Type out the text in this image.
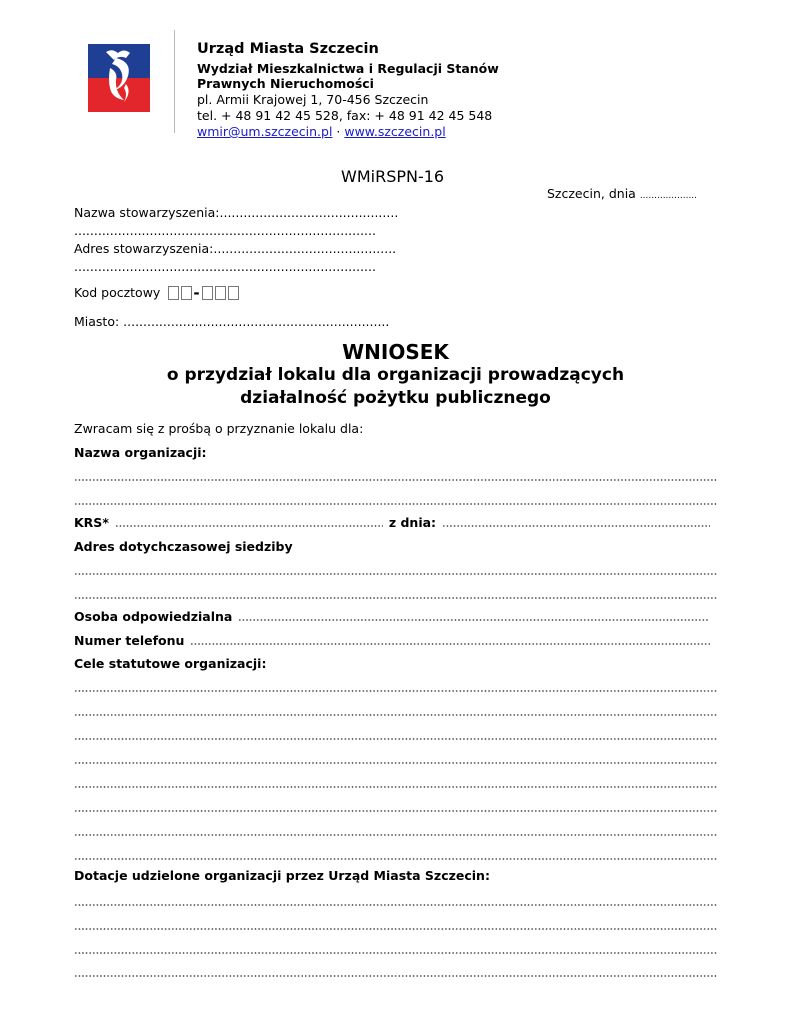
Urząd Miasta Szczecin
Wydział Mieszkalnictwa i Regulacji Stanów
Prawnych Nieruchomości
pl. Armii Krajowej 1, 70-456 Szczecin
tel. + 48 91 42 45 528, fax: + 48 91 42 45 548
wmir@um.szczecin.pl · www.szczecin.pl
WMiRSPN-16
Szczecin, dnia ....................
Nazwa stowarzyszenia:.............................................
............................................................................
Adres stowarzyszenia:..............................................
............................................................................
Kod pocztowy -
Miasto: ...................................................................
WNIOSEK
o przydział lokalu dla organizacji prowadzących
działalność pożytku publicznego
Zwracam się z prośbą o przyznanie lokalu dla:
Nazwa organizacji:
KRS*	z dnia:
Adres dotychczasowej siedziby
Osoba odpowiedzialna
Numer telefonu
Cele statutowe organizacji:
Dotacje udzielone organizacji przez Urząd Miasta Szczecin:
